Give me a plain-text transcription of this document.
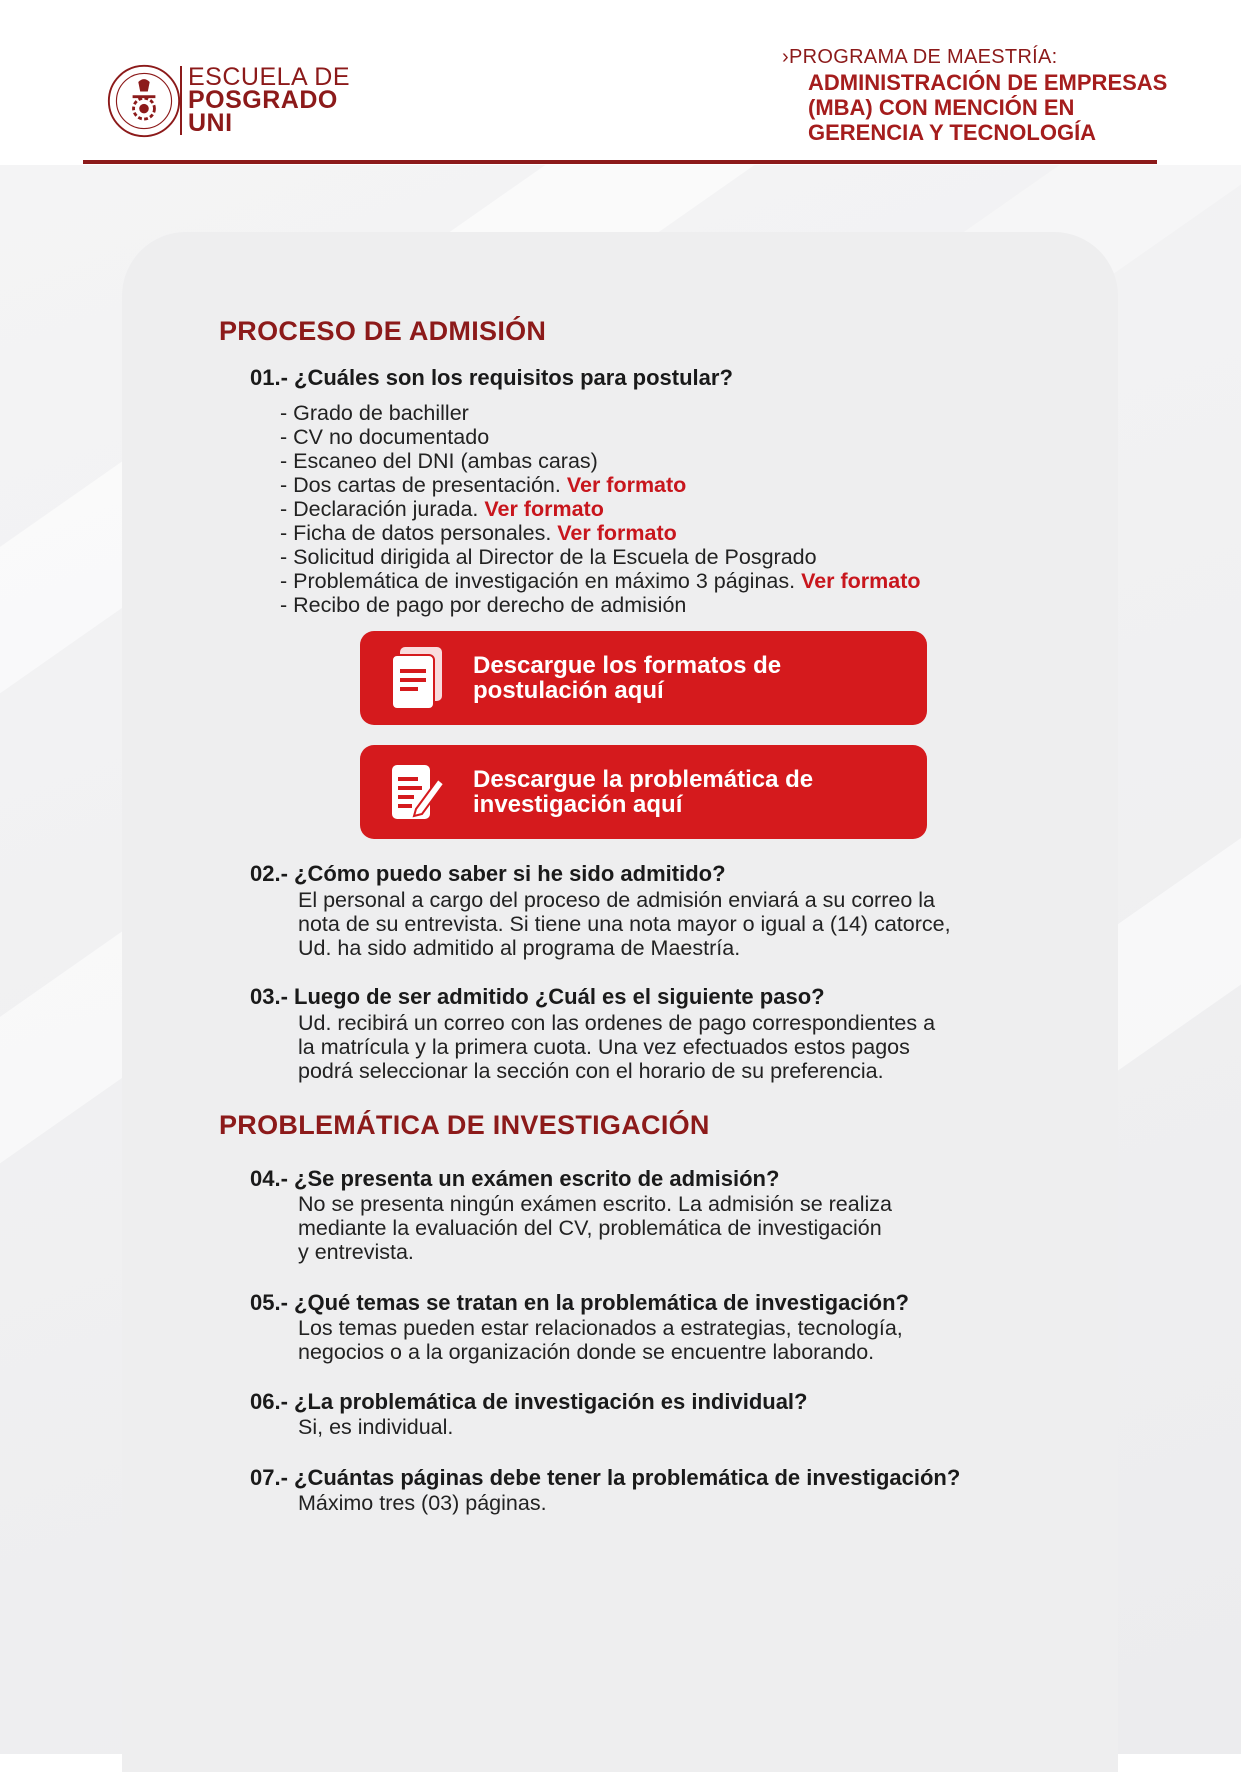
ESCUELA DE
POSGRADO
UNI
›PROGRAMA DE MAESTRÍA:
ADMINISTRACIÓN DE EMPRESAS
(MBA) CON MENCIÓN EN
GERENCIA Y TECNOLOGÍA
PROCESO DE ADMISIÓN
01.- ¿Cuáles son los requisitos para postular?
- Grado de bachiller
- CV no documentado
- Escaneo del DNI (ambas caras)
- Dos cartas de presentación. Ver formato
- Declaración jurada. Ver formato
- Ficha de datos personales. Ver formato
- Solicitud dirigida al Director de la Escuela de Posgrado
- Problemática de investigación en máximo 3 páginas. Ver formato
- Recibo de pago por derecho de admisión
Descargue los formatos de
postulación aquí
Descargue la problemática de
investigación aquí
02.- ¿Cómo puedo saber si he sido admitido?
El personal a cargo del proceso de admisión enviará a su correo la
nota de su entrevista. Si tiene una nota mayor o igual a (14) catorce,
Ud. ha sido admitido al programa de Maestría.
03.- Luego de ser admitido ¿Cuál es el siguiente paso?
Ud. recibirá un correo con las ordenes de pago correspondientes a
la matrícula y la primera cuota. Una vez efectuados estos pagos
podrá seleccionar la sección con el horario de su preferencia.
PROBLEMÁTICA DE INVESTIGACIÓN
04.- ¿Se presenta un exámen escrito de admisión?
No se presenta ningún exámen escrito. La admisión se realiza
mediante la evaluación del CV, problemática de investigación
y entrevista.
05.- ¿Qué temas se tratan en la problemática de investigación?
Los temas pueden estar relacionados a estrategias, tecnología,
negocios o a la organización donde se encuentre laborando.
06.- ¿La problemática de investigación es individual?
Si, es individual.
07.- ¿Cuántas páginas debe tener la problemática de investigación?
Máximo tres (03) páginas.
